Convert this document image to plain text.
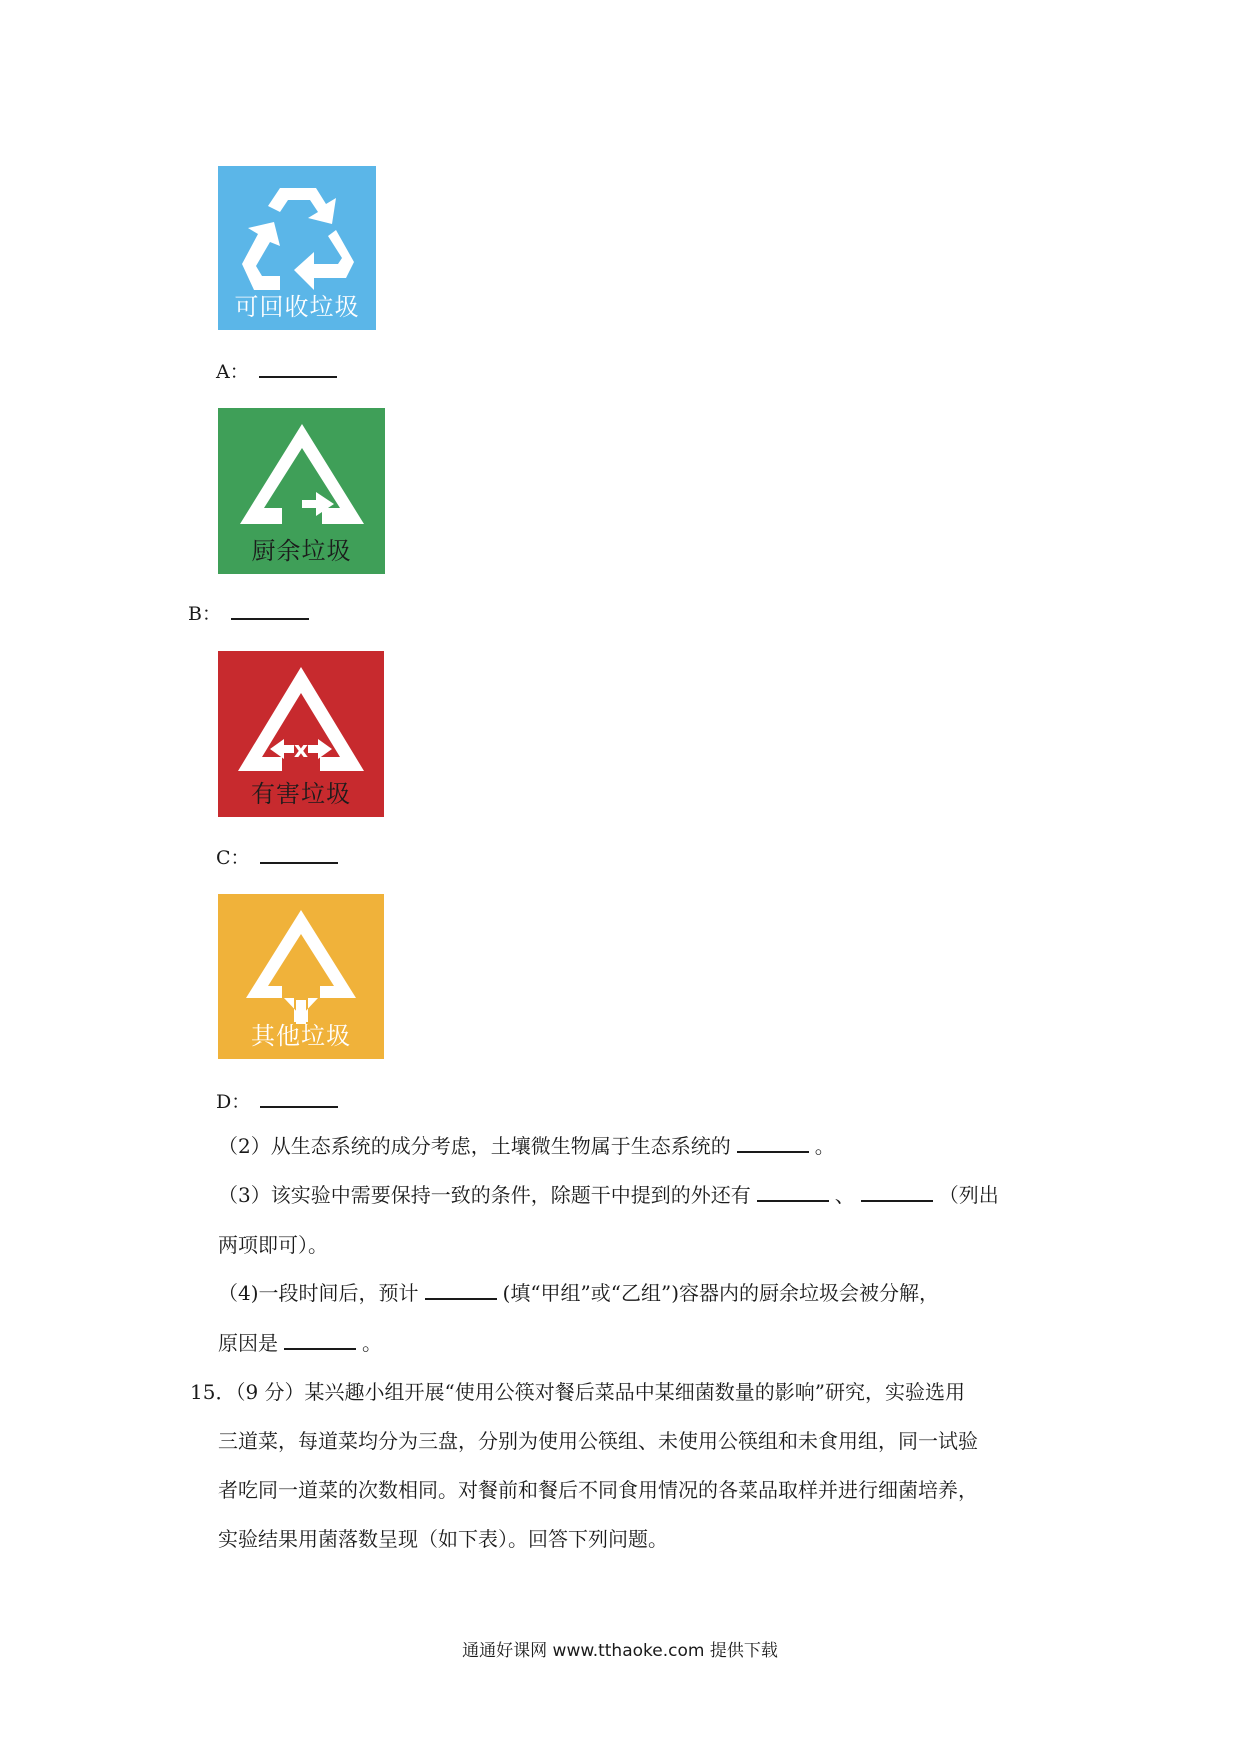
可回收垃圾
A：
厨余垃圾
B：
x
有害垃圾
C：
其他垃圾
D：
（2）从生态系统的成分考虑，土壤微生物属于生态系统的	。
（3）该实验中需要保持一致的条件，除题干中提到的外还有	、	（列出
两项即可）。
（4)一段时间后，预计	(填“甲组”或“乙组”)容器内的厨余垃圾会被分解，
原因是	。
15．（9 分）某兴趣小组开展“使用公筷对餐后菜品中某细菌数量的影响”研究，实验选用
三道菜，每道菜均分为三盘，分别为使用公筷组、未使用公筷组和未食用组，同一试验
者吃同一道菜的次数相同。对餐前和餐后不同食用情况的各菜品取样并进行细菌培养，
实验结果用菌落数呈现（如下表）。回答下列问题。
通通好课网 www.tthaoke.com 提供下载
